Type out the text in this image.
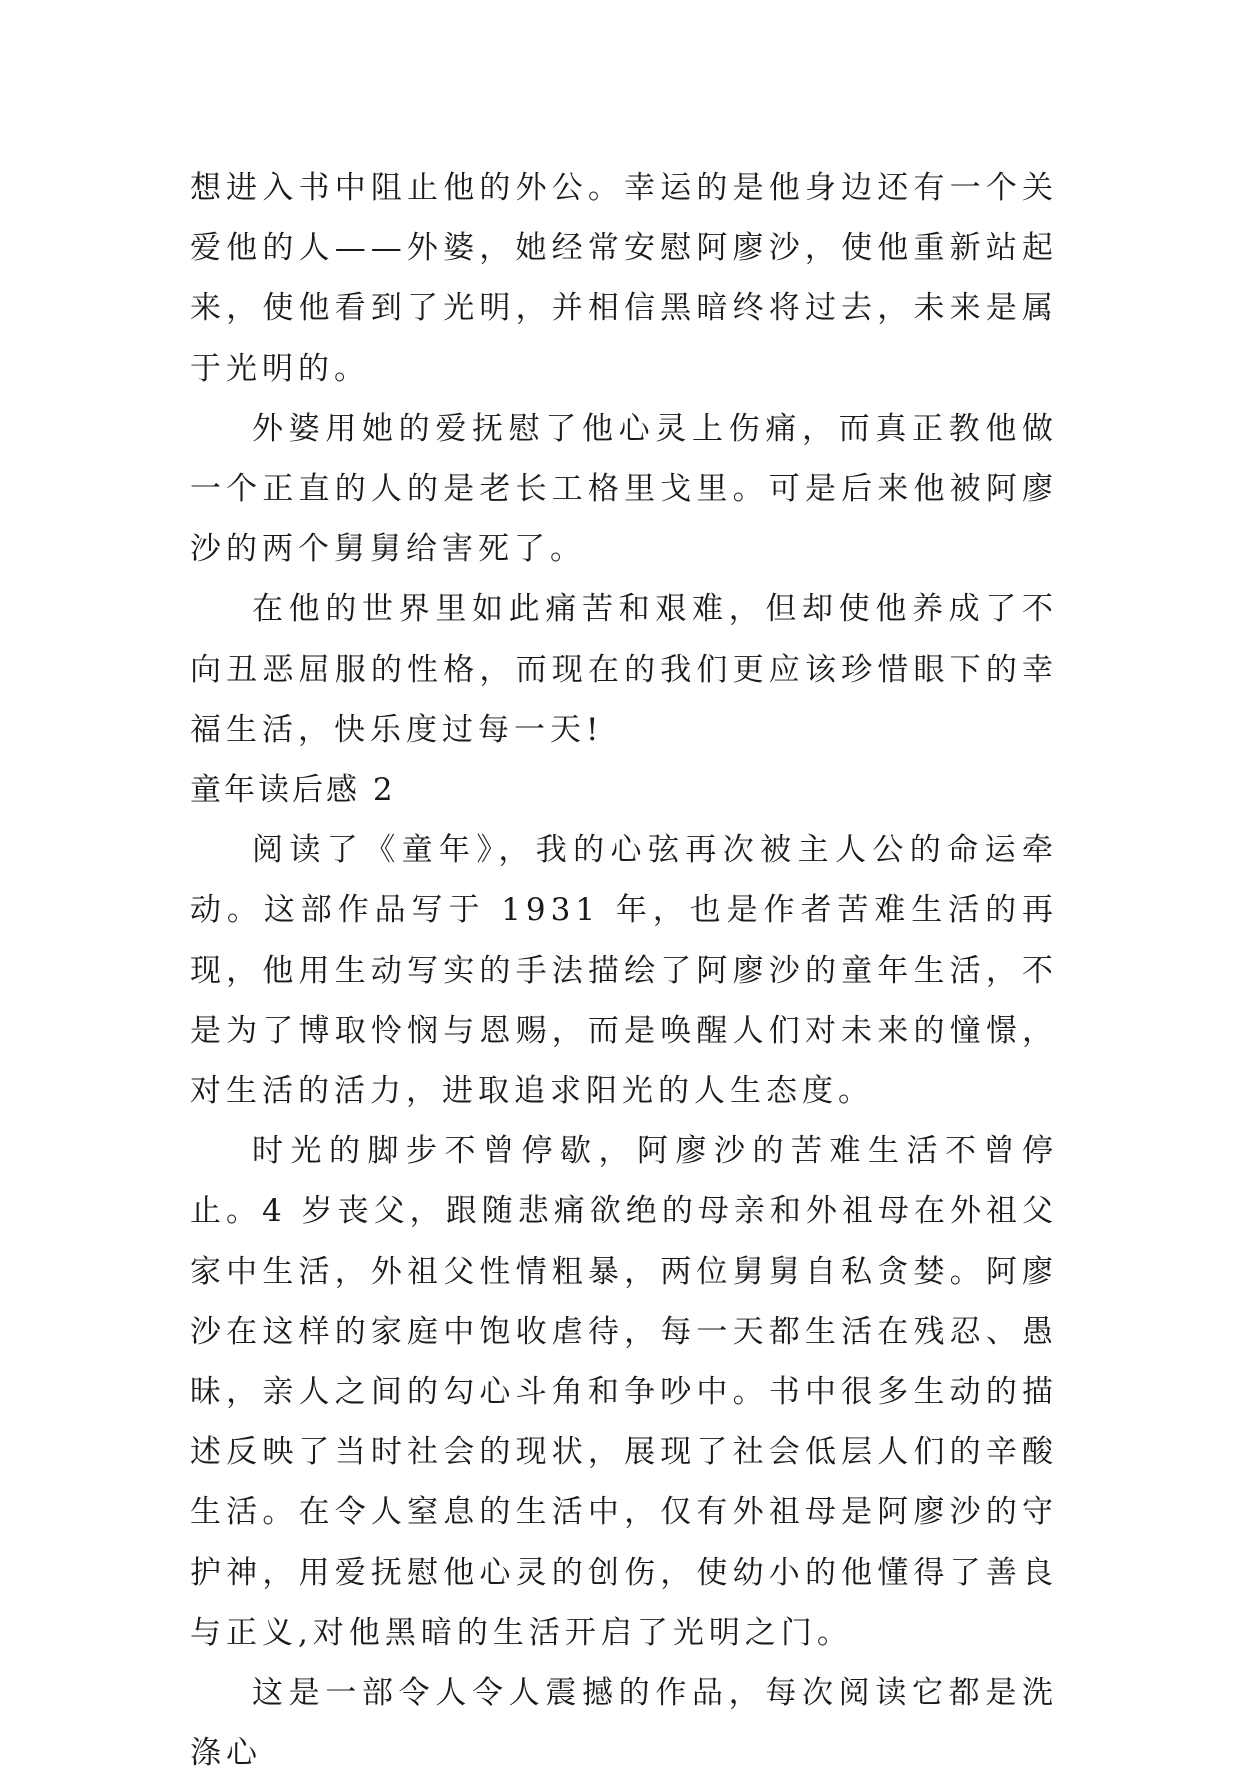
想进入书中阻止他的外公。幸运的是他身边还有一个关爱他的人——外婆，她经常安慰阿廖沙，使他重新站起来，使他看到了光明，并相信黑暗终将过去，未来是属于光明的。

外婆用她的爱抚慰了他心灵上伤痛，而真正教他做一个正直的人的是老长工格里戈里。可是后来他被阿廖沙的两个舅舅给害死了。

在他的世界里如此痛苦和艰难，但却使他养成了不向丑恶屈服的性格，而现在的我们更应该珍惜眼下的幸福生活，快乐度过每一天!

童年读后感 2

阅读了《童年》，我的心弦再次被主人公的命运牵动。这部作品写于 1931 年，也是作者苦难生活的再现，他用生动写实的手法描绘了阿廖沙的童年生活，不是为了博取怜悯与恩赐，而是唤醒人们对未来的憧憬，对生活的活力，进取追求阳光的人生态度。

时光的脚步不曾停歇，阿廖沙的苦难生活不曾停止。4 岁丧父，跟随悲痛欲绝的母亲和外祖母在外祖父家中生活，外祖父性情粗暴，两位舅舅自私贪婪。阿廖沙在这样的家庭中饱收虐待，每一天都生活在残忍、愚昧，亲人之间的勾心斗角和争吵中。书中很多生动的描述反映了当时社会的现状，展现了社会低层人们的辛酸生活。在令人窒息的生活中，仅有外祖母是阿廖沙的守护神，用爱抚慰他心灵的创伤，使幼小的他懂得了善良与正义,对他黑暗的生活开启了光明之门。

这是一部令人令人震撼的作品，每次阅读它都是洗涤心
